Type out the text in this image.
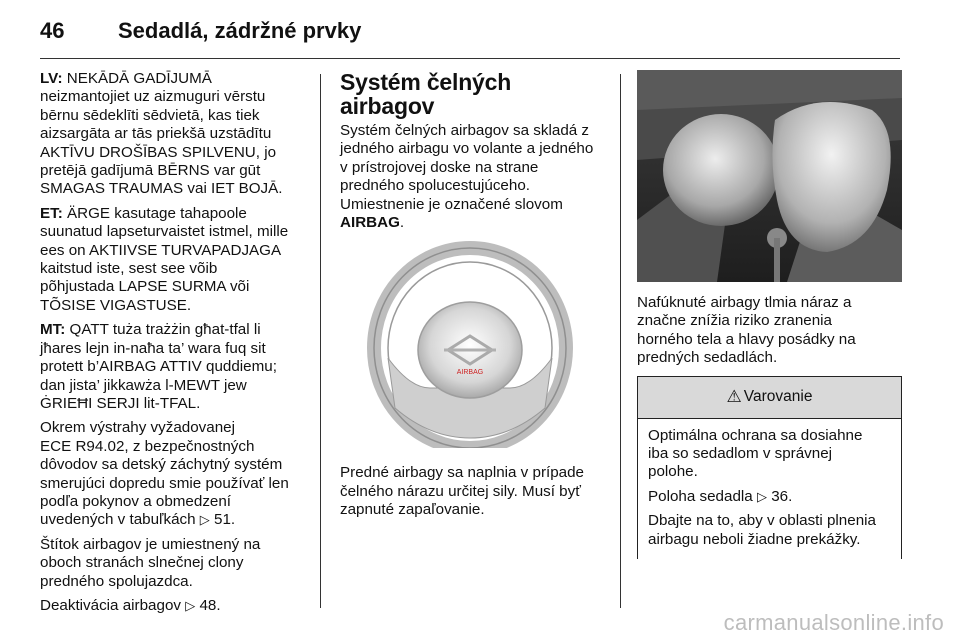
46	Sedadlá, zádržné prvky

LV: NEKĀDĀ GADĪJUMĀ
neizmantojiet uz aizmuguri vērstu
bērnu sēdeklīti sēdvietā, kas tiek
aizsargāta ar tās priekšā uzstādītu
AKTĪVU DROŠĪBAS SPILVENU, jo
pretējā gadījumā BĒRNS var gūt
SMAGAS TRAUMAS vai IET BOJĀ.

ET: ÄRGE kasutage tahapoole
suunatud lapseturvaistet istmel, mille
ees on AKTIIVSE TURVAPADJAGA
kaitstud iste, sest see võib
põhjustada LAPSE SURMA või
TÕSISE VIGASTUSE.

MT: QATT tuża trażżin għat-tfal li
jħares lejn in-naħa ta’ wara fuq sit
protett b’AIRBAG ATTIV quddiemu;
dan jista’ jikkawża l-MEWT jew
ĠRIEĦI SERJI lit-TFAL.

Okrem výstrahy vyžadovanej
ECE R94.02, z bezpečnostných
dôvodov sa detský záchytný systém
smerujúci dopredu smie používať len
podľa pokynov a obmedzení
uvedených v tabuľkách ▷ 51.

Štítok airbagov je umiestnený na
oboch stranách slnečnej clony
predného spolujazdca.

Deaktivácia airbagov ▷ 48.

Systém čelných airbagov

Systém čelných airbagov sa skladá z
jedného airbagu vo volante a jedného
v prístrojovej doske na strane
predného spolucestujúceho.
Umiestnenie je označené slovom
AIRBAG.

AIRBAG

Predné airbagy sa naplnia v prípade
čelného nárazu určitej sily. Musí byť
zapnuté zapaľovanie.

Nafúknuté airbagy tlmia náraz a
značne znížia riziko zranenia
horného tela a hlavy posádky na
predných sedadlách.

⚠ Varovanie

Optimálna ochrana sa dosiahne
iba so sedadlom v správnej
polohe.

Poloha sedadla ▷ 36.

Dbajte na to, aby v oblasti plnenia
airbagu neboli žiadne prekážky.

carmanualsonline.info
